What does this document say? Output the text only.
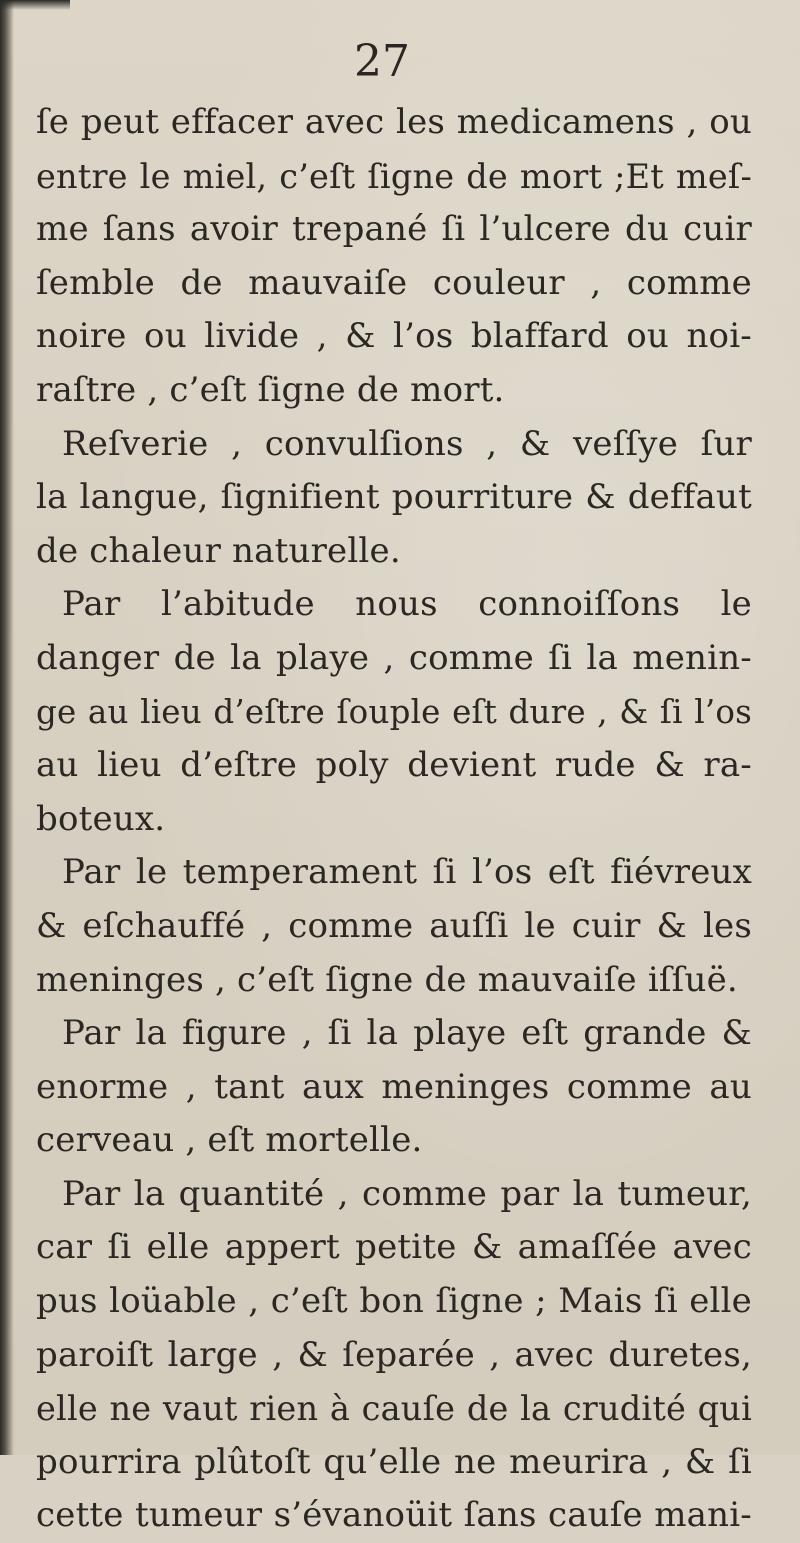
27
ſe peut effacer avec les medicamens , ou
entre le miel, c’eſt ſigne de mort ;Et meſ-
me ſans avoir trepané ſi l’ulcere du cuir
ſemble de mauvaiſe couleur , comme
noire ou livide , & l’os blaffard ou noi-
raſtre , c’eſt ſigne de mort.
Reſverie , convulſions , & veſſye ſur
la langue, ſignifient pourriture & deffaut
de chaleur naturelle.
Par l’abitude nous connoiſſons le
danger de la playe , comme ſi la menin-
ge au lieu d’eſtre ſouple eſt dure , & ſi l’os
au lieu d’eſtre poly devient rude & ra-
boteux.
Par le temperament ſi l’os eſt fiévreux
& eſchauffé , comme auſſi le cuir & les
meninges , c’eſt ſigne de mauvaiſe iſſuë.
Par la figure , ſi la playe eſt grande &
enorme , tant aux meninges comme au
cerveau , eſt mortelle.
Par la quantité , comme par la tumeur,
car ſi elle appert petite & amaſſée avec
pus loüable , c’eſt bon ſigne ; Mais ſi elle
paroiſt large , & ſeparée , avec duretes,
elle ne vaut rien à cauſe de la crudité qui
pourrira plûtoſt qu’elle ne meurira , & ſi
cette tumeur s’évanoüit ſans cauſe mani-
